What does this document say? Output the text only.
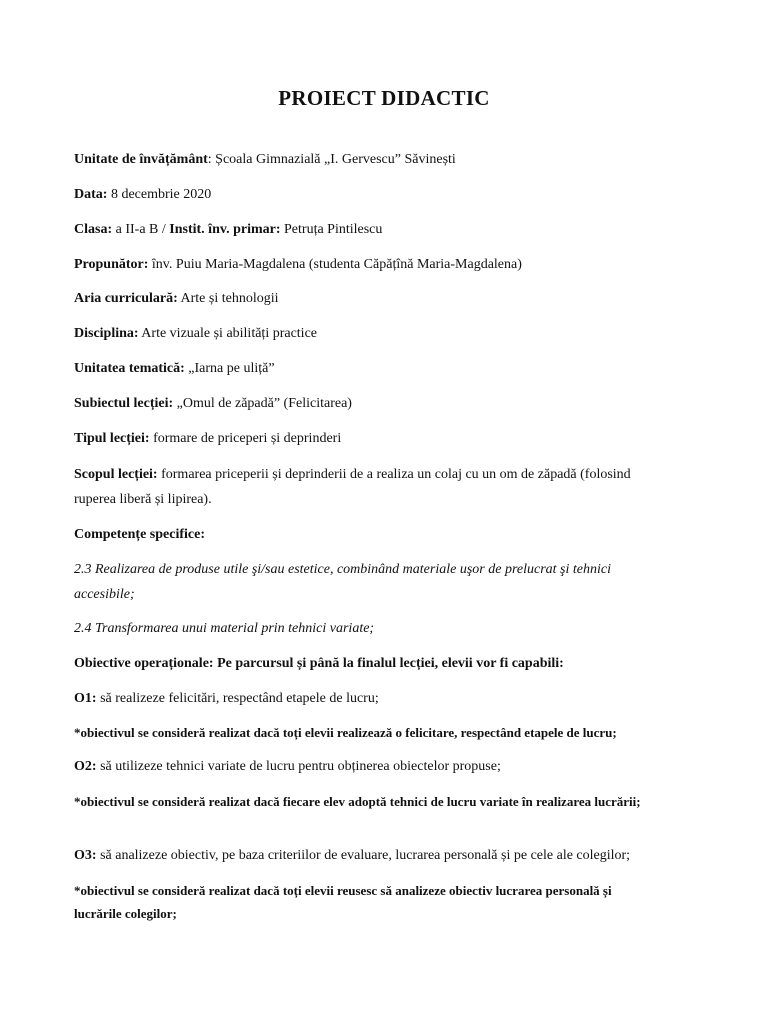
PROIECT DIDACTIC
Unitate de învățământ: Școala Gimnazială „I. Gervescu” Săvinești
Data: 8 decembrie 2020
Clasa: a II-a B / Instit. înv. primar: Petruța Pintilescu
Propunător: înv. Puiu Maria-Magdalena (studenta Căpățînă Maria-Magdalena)
Aria curriculară: Arte și tehnologii
Disciplina: Arte vizuale și abilități practice
Unitatea tematică: „Iarna pe uliță”
Subiectul lecției: „Omul de zăpadă” (Felicitarea)
Tipul lecției: formare de priceperi și deprinderi
Scopul lecției: formarea priceperii și deprinderii de a realiza un colaj cu un om de zăpadă (folosind ruperea liberă și lipirea).
Competențe specifice:
2.3 Realizarea de produse utile şi/sau estetice, combinând materiale uşor de prelucrat şi tehnici accesibile;
2.4 Transformarea unui material prin tehnici variate;
Obiective operaționale: Pe parcursul și până la finalul lecției, elevii vor fi capabili:
O1: să realizeze felicitări, respectând etapele de lucru;
*obiectivul se consideră realizat dacă toți elevii realizează o felicitare, respectând etapele de lucru;
O2: să utilizeze tehnici variate de lucru pentru obținerea obiectelor propuse;
*obiectivul se consideră realizat dacă fiecare elev adoptă tehnici de lucru variate în realizarea lucrării;
O3: să analizeze obiectiv, pe baza criteriilor de evaluare, lucrarea personală și pe cele ale colegilor;
*obiectivul se consideră realizat dacă toți elevii reusesc să analizeze obiectiv lucrarea personală și lucrările colegilor;
